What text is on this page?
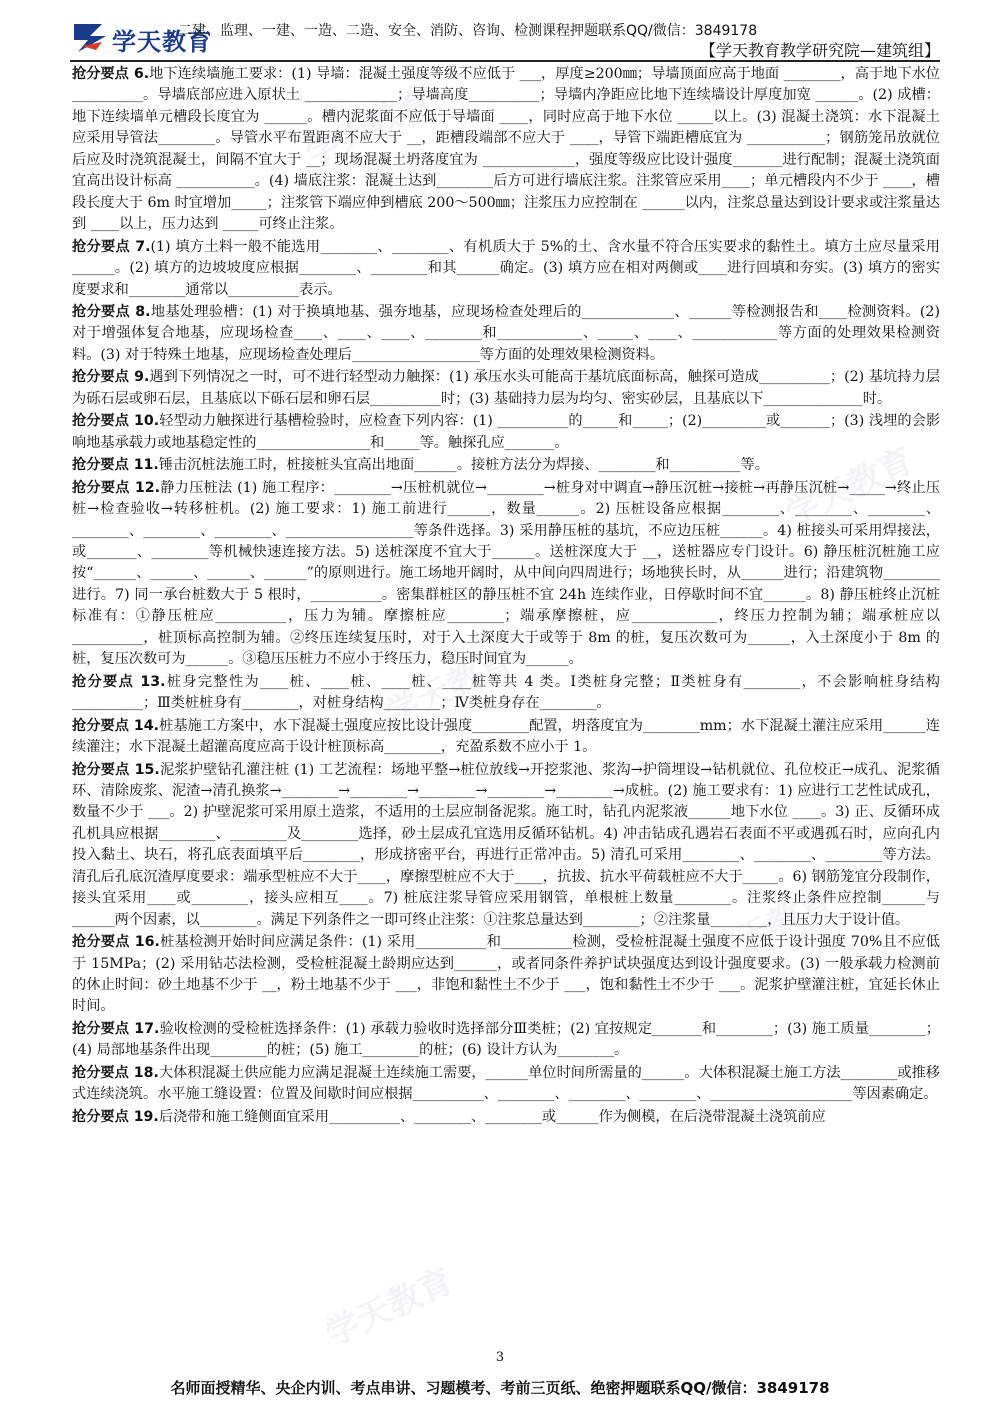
学天教育
二建、监理、一建、一造、二造、安全、消防、咨询、检测课程押题联系QQ/微信：3849178
【学天教育教学研究院—建筑组】
学天教育
学天教育
学天教育
学天教育
学天教育

抢分要点 6.地下连续墙施工要求：(1) 导墙：混凝土强度等级不应低于 ___，厚度≥200㎜；导墙顶面应高于地面 ________，高于地下水位 __________。导墙底部应进入原状土 _____________；导墙高度__________；导墙内净距应比地下连续墙设计厚度加宽 ______。(2) 成槽：地下连续墙单元槽段长度宜为 ______。槽内泥浆面不应低于导墙面 ____，同时应高于地下水位 _____以上。(3) 混凝土浇筑：水下混凝土应采用导管法________。导管水平布置距离不应大于 __，距槽段端部不应大于 ____，导管下端距槽底宜为 ___________；钢筋笼吊放就位后应及时浇筑混凝土，间隔不宜大于 __；现场混凝土坍落度宜为 _____________，强度等级应比设计强度_______进行配制；混凝土浇筑面宜高出设计标高 ___________。(4) 墙底注浆：混凝土达到________后方可进行墙底注浆。注浆管应采用____；单元槽段内不少于 ____，槽段长度大于 6m 时宜增加_____；注浆管下端应伸到槽底 200～500㎜；注浆压力应控制在 ______以内，注浆总量达到设计要求或注浆量达到 ____以上，压力达到 _____可终止注浆。

抢分要点 7.(1) 填方土料一般不能选用________、________、有机质大于 5%的土、含水量不符合压实要求的黏性土。填方土应尽量采用______。(2) 填方的边坡坡度应根据________、________和其______确定。(3) 填方应在相对两侧或____进行回填和夯实。(3) 填方的密实度要求和________通常以__________表示。

抢分要点 8.地基处理验槽：(1) 对于换填地基、强夯地基，应现场检查处理后的_____________、______等检测报告和____检测资料。(2) 对于增强体复合地基，应现场检查____、____、____、________和____________、_____、____、____________等方面的处理效果检测资料。(3) 对于特殊土地基，应现场检查处理后__________________等方面的处理效果检测资料。

抢分要点 9.遇到下列情况之一时，可不进行轻型动力触探：(1) 承压水头可能高于基坑底面标高，触探可造成__________；(2) 基坑持力层为砾石层或卵石层，且基底以下砾石层和卵石层__________时；(3) 基础持力层为均匀、密实砂层，且基底以下______________时。

抢分要点 10.轻型动力触探进行基槽检验时，应检查下列内容：(1) __________的_____和_____；(2)_________或_______；(3) 浅埋的会影响地基承载力或地基稳定性的________________和_____等。触探孔应_______。

抢分要点 11.锤击沉桩法施工时，桩接桩头宜高出地面______。接桩方法分为焊接、________和__________等。

抢分要点 12.静力压桩法 (1) 施工程序：________→压桩机就位→________→桩身对中调直→静压沉桩→接桩→再静压沉桩→_____→终止压桩→检查验收→转移桩机。(2) 施工要求：1) 施工前进行______，数量______。2) 压桩设备应根据________、________、________、________、________、________、__________________等条件选择。3) 采用静压桩的基坑，不应边压桩______。4) 桩接头可采用焊接法，或_______、________等机械快速连接方法。5) 送桩深度不宜大于______。送桩深度大于 __，送桩器应专门设计。6) 静压桩沉桩施工应按“______、______、______、______”的原则进行。施工场地开阔时，从中间向四周进行；场地狭长时，从______进行；沿建筑物________进行。7) 同一承台桩数大于 5 根时，__________。密集群桩区的静压桩不宜 24h 连续作业，日停歇时间不宜______。8) 静压桩终止沉桩标准有：①静压桩应__________，压力为辅。摩擦桩应________；端承摩擦桩，应____________，终压力控制为辅；端承桩应以__________，桩顶标高控制为辅。②终压连续复压时，对于入土深度大于或等于 8m 的桩，复压次数可为______，入土深度小于 8m 的桩，复压次数可为______。③稳压压桩力不应小于终压力，稳压时间宜为______。

抢分要点 13.桩身完整性为____桩、____桩、____桩、____桩等共 4 类。Ⅰ类桩身完整；Ⅱ类桩身有________，不会影响桩身结构__________；Ⅲ类桩桩身有________，对桩身结构________；Ⅳ类桩身存在________。

抢分要点 14.桩基施工方案中，水下混凝土强度应按比设计强度________配置，坍落度宜为________mm；水下混凝土灌注应采用______连续灌注；水下混凝土超灌高度应高于设计桩顶标高________，充盈系数不应小于 1。

抢分要点 15.泥浆护壁钻孔灌注桩 (1) 工艺流程：场地平整→桩位放线→开挖浆池、浆沟→护筒埋设→钻机就位、孔位校正→成孔、泥浆循环、清除废浆、泥渣→清孔换浆→________→________→________→________→________→成桩。(2) 施工要求有：1) 应进行工艺性试成孔，数量不少于 ___。2) 护壁泥浆可采用原土造浆，不适用的土层应制备泥浆。施工时，钻孔内泥浆液______地下水位 ____。3) 正、反循环成孔机具应根据________、________及________选择，砂土层成孔宜选用反循环钻机。4) 冲击钻成孔遇岩石表面不平或遇孤石时，应向孔内投入黏土、块石，将孔底表面填平后________，形成挤密平台，再进行正常冲击。5) 清孔可采用________、________、________等方法。清孔后孔底沉渣厚度要求：端承型桩应不大于____，摩擦型桩应不大于____，抗拔、抗水平荷载桩应不大于_____。6) 钢筋笼宜分段制作，接头宜采用____或________，接头应相互____。7) 桩底注浆导管应采用钢管，单根桩上数量________。注浆终止条件应控制______与______两个因素，以________。满足下列条件之一即可终止注浆：①注浆总量达到________；②注浆量________，且压力大于设计值。

抢分要点 16.桩基检测开始时间应满足条件：(1) 采用__________和__________检测，受检桩混凝土强度不应低于设计强度 70%且不应低于 15MPa；(2) 采用钻芯法检测，受检桩混凝土龄期应达到______，或者同条件养护试块强度达到设计强度要求。(3) 一般承载力检测前的休止时间：砂土地基不少于 __，粉土地基不少于 ___，非饱和黏性土不少于 ___，饱和黏性土不少于 ___。泥浆护壁灌注桩，宜延长休止时间。

抢分要点 17.验收检测的受检桩选择条件：(1) 承载力验收时选择部分Ⅲ类桩；(2) 宜按规定_______和________；(3) 施工质量________；(4) 局部地基条件出现________的桩；(5) 施工________的桩；(6) 设计方认为________。

抢分要点 18.大体积混凝土供应能力应满足混凝土连续施工需要，______单位时间所需量的______。大体积混凝土施工方法________或推移式连续浇筑。水平施工缝设置：位置及间歇时间应根据__________、________、________、________、____________________等因素确定。

抢分要点 19.后浇带和施工缝侧面宜采用__________、________、________或______作为侧模，在后浇带混凝土浇筑前应

3
名师面授精华、央企内训、考点串讲、习题模考、考前三页纸、绝密押题联系QQ/微信：3849178
